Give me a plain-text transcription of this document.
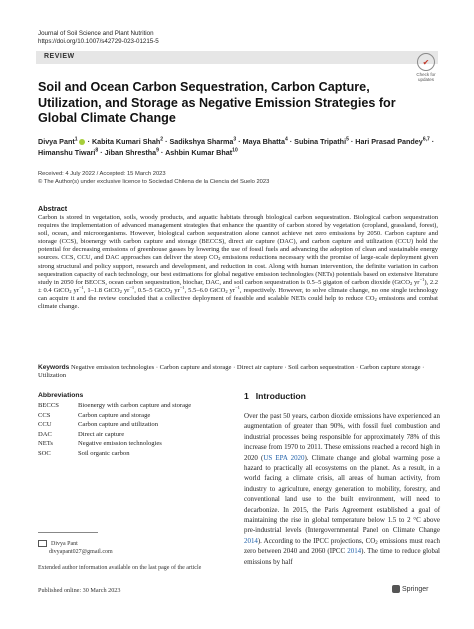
Journal of Soil Science and Plant Nutrition
https://doi.org/10.1007/s42729-023-01215-5
REVIEW
✔
Check for updates
Soil and Ocean Carbon Sequestration, Carbon Capture, Utilization, and Storage as Negative Emission Strategies for Global Climate Change
Divya Pant$^1$ · Kabita Kumari Shah$^2$ · Sadikshya Sharma$^3$ · Maya Bhatta$^4$ · Subina Tripathi$^5$ · Hari Prasad Pandey$^{6,7}$ · Himanshu Tiwari$^8$ · Jiban Shrestha$^9$ · Ashbin Kumar Bhat$^{10}$
Received: 4 July 2022 / Accepted: 15 March 2023
© The Author(s) under exclusive licence to Sociedad Chilena de la Ciencia del Suelo 2023
Abstract
Carbon is stored in vegetation, soils, woody products, and aquatic habitats through biological carbon sequestration. Biological carbon sequestration requires the implementation of advanced management strategies that enhance the quantity of carbon stored by vegetation (cropland, grassland, forest), soil, ocean, and microorganisms. However, biological carbon sequestration alone cannot achieve net zero emissions by 2050. Carbon capture and storage (CCS), bioenergy with carbon capture and storage (BECCS), direct air capture (DAC), and carbon capture and utilization (CCU) hold the potential for decreasing emissions of greenhouse gasses by lowering the use of fossil fuels and advancing the adoption of clean and sustainable energy sources. CCS, CCU, and DAC approaches can deliver the steep $CO_2$ emissions reductions necessary with the promise of large-scale deployment given strong structural and policy support, research and development, and reduction in cost. Along with human intervention, the definite variation in carbon sequestration capacity of each technology, our best estimations for global negative emission technologies (NETs) potentials based on extensive literature study in 2050 for BECCS, ocean carbon sequestration, biochar, DAC, and soil carbon sequestration is 0.5–5 gigaton of carbon dioxide (GtCO$_2$ $yr^{-1}$), 2.2 ± 0.4 GtCO$_2$ $yr^{-1}$, 1–1.8 GtCO$_2$ $yr^{-1}$, 0.5–5 GtCO$_2$ $yr^{-1}$, 5.5–6.0 GtCO$_2$ $yr^{-1}$, respectively. However, to solve climate change, no one single technology can acquire it and the review concluded that a collective deployment of feasible and scalable NETs could help to reduce $CO_2$ emissions and combat climate change.
Keywords Negative emission technologies · Carbon capture and storage · Direct air capture · Soil carbon sequestration · Carbon capture storage · Utilization
Abbreviations
BECCS	Bioenergy with carbon capture and storage
CCS	Carbon capture and storage
CCU	Carbon capture and utilization
DAC	Direct air capture
NETs	Negative emission technologies
SOC	Soil organic carbon
1 Introduction
Over the past 50 years, carbon dioxide emissions have experienced an augmentation of greater than 90%, with fossil fuel combustion and industrial processes being responsible for approximately 78% of this increase from 1970 to 2011. These emissions reached a record high in 2020 (US EPA 2020). Climate change and global warming pose a hazard to practically all ecosystems on the planet. As a result, in a world facing a climate crisis, all areas of human activity, from industry to agriculture, energy generation to mobility, forestry, and conventional land use to the built environment, will need to decarbonize. In 2015, the Paris Agreement established a goal of maintaining the rise in global temperature below 1.5 to 2 °C above pre-industrial levels (Intergovernmental Panel on Climate Change 2014). According to the IPCC projections, $CO_2$ emissions must reach zero between 2040 and 2060 (IPCC 2014). The time to reduce global emissions by half
Divya Pant
divyapant027@gmail.com
Extended author information available on the last page of the article
Published online: 30 March 2023	Springer
